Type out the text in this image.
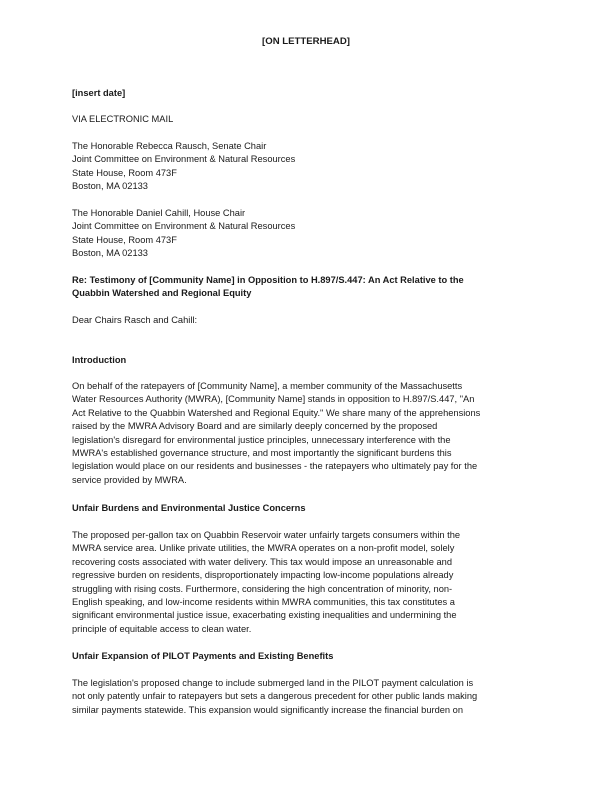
[ON LETTERHEAD]
[insert date]
VIA ELECTRONIC MAIL
The Honorable Rebecca Rausch, Senate Chair
Joint Committee on Environment & Natural Resources
State House, Room 473F
Boston, MA 02133
The Honorable Daniel Cahill, House Chair
Joint Committee on Environment & Natural Resources
State House, Room 473F
Boston, MA 02133
Re: Testimony of [Community Name] in Opposition to H.897/S.447: An Act Relative to the
Quabbin Watershed and Regional Equity
Dear Chairs Rasch and Cahill:
Introduction
On behalf of the ratepayers of [Community Name], a member community of the Massachusetts
Water Resources Authority (MWRA), [Community Name] stands in opposition to H.897/S.447, "An
Act Relative to the Quabbin Watershed and Regional Equity." We share many of the apprehensions
raised by the MWRA Advisory Board and are similarly deeply concerned by the proposed
legislation's disregard for environmental justice principles, unnecessary interference with the
MWRA's established governance structure, and most importantly the significant burdens this
legislation would place on our residents and businesses - the ratepayers who ultimately pay for the
service provided by MWRA.
Unfair Burdens and Environmental Justice Concerns
The proposed per-gallon tax on Quabbin Reservoir water unfairly targets consumers within the
MWRA service area. Unlike private utilities, the MWRA operates on a non-profit model, solely
recovering costs associated with water delivery. This tax would impose an unreasonable and
regressive burden on residents, disproportionately impacting low-income populations already
struggling with rising costs. Furthermore, considering the high concentration of minority, non-
English speaking, and low-income residents within MWRA communities, this tax constitutes a
significant environmental justice issue, exacerbating existing inequalities and undermining the
principle of equitable access to clean water.
Unfair Expansion of PILOT Payments and Existing Benefits
The legislation's proposed change to include submerged land in the PILOT payment calculation is
not only patently unfair to ratepayers but sets a dangerous precedent for other public lands making
similar payments statewide. This expansion would significantly increase the financial burden on
